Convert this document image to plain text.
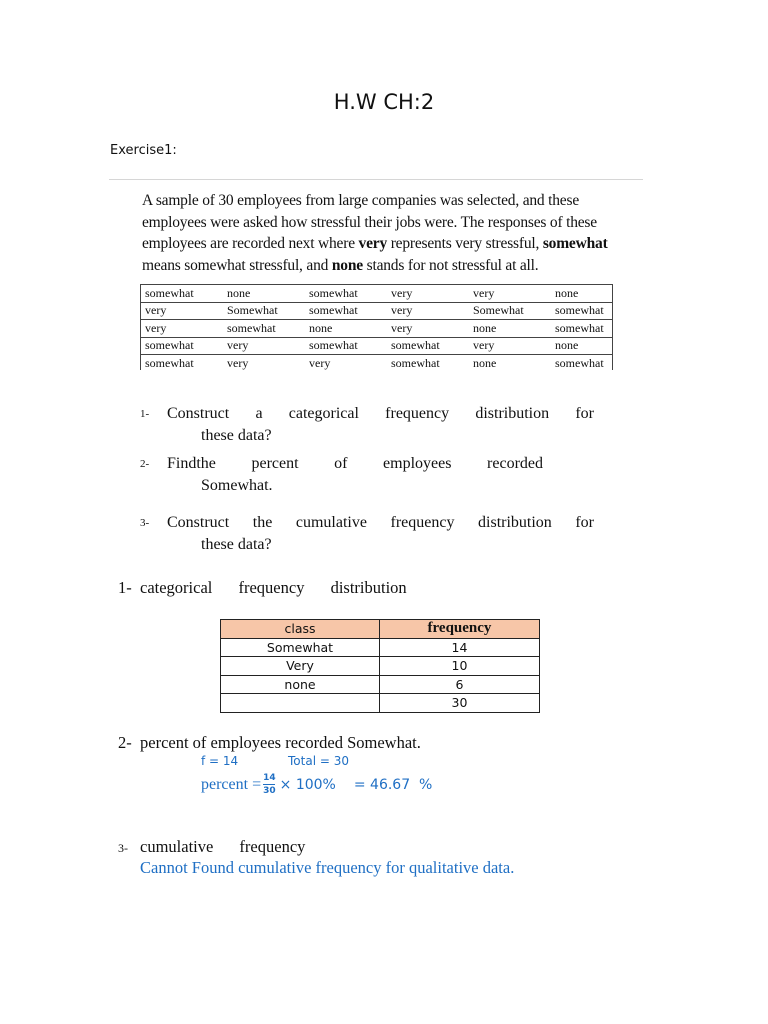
H.W CH:2
Exercise1:
A sample of 30 employees from large companies was selected, and these
employees were asked how stressful their jobs were. The responses of these
employees are recorded next where very represents very stressful, somewhat
means somewhat stressful, and none stands for not stressful at all.
somewhat	none	somewhat	very	very	none
very	Somewhat	somewhat	very	Somewhat	somewhat
very	somewhat	none	very	none	somewhat
somewhat	very	somewhat	somewhat	very	none
somewhat	very	very	somewhat	none	somewhat
1- Construct a categorical frequency distribution for
these data?
2- Findthe percent of employees recorded
Somewhat.
3- Construct the cumulative frequency distribution for
these data?
1- categorical frequency distribution
class	frequency
Somewhat	14
Very	10
none	6
	30
2- percent of employees recorded Somewhat.
f = 14	Total = 30
percent = $\frac{14}{30} \times 100\% = 46.67$  %
3- cumulative frequency
Cannot Found cumulative frequency for qualitative data.
